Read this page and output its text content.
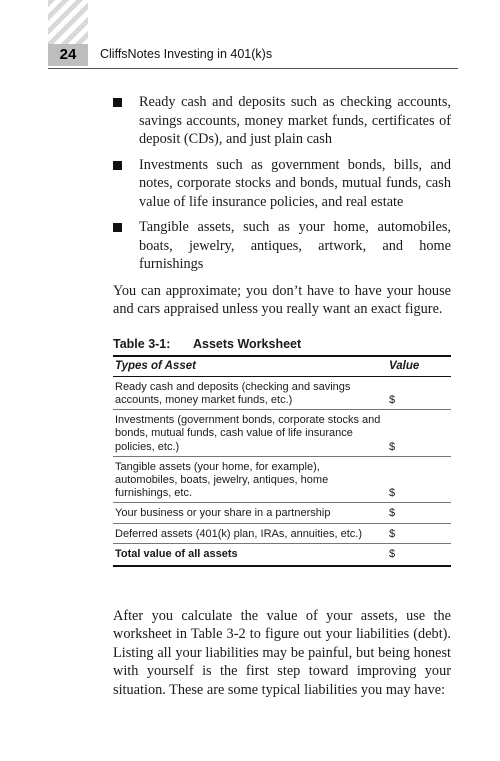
24	CliffsNotes Investing in 401(k)s
Ready cash and deposits such as checking accounts, savings accounts, money market funds, certificates of deposit (CDs), and just plain cash
Investments such as government bonds, bills, and notes, corporate stocks and bonds, mutual funds, cash value of life insurance policies, and real estate
Tangible assets, such as your home, automobiles, boats, jewelry, antiques, artwork, and home furnishings

You can approximate; you don’t have to have your house and cars appraised unless you really want an exact figure.

Table 3-1: Assets Worksheet
Types of Asset	Value
Ready cash and deposits (checking and savings accounts, money market funds, etc.)	$
Investments (government bonds, corporate stocks and bonds, mutual funds, cash value of life insurance policies, etc.)	$
Tangible assets (your home, for example), automobiles, boats, jewelry, antiques, home furnishings, etc.	$
Your business or your share in a partnership	$
Deferred assets (401(k) plan, IRAs, annuities, etc.)	$
Total value of all assets	$

After you calculate the value of your assets, use the worksheet in Table 3-2 to figure out your liabilities (debt). Listing all your liabilities may be painful, but being honest with yourself is the first step toward improving your situation. These are some typical liabilities you may have:
